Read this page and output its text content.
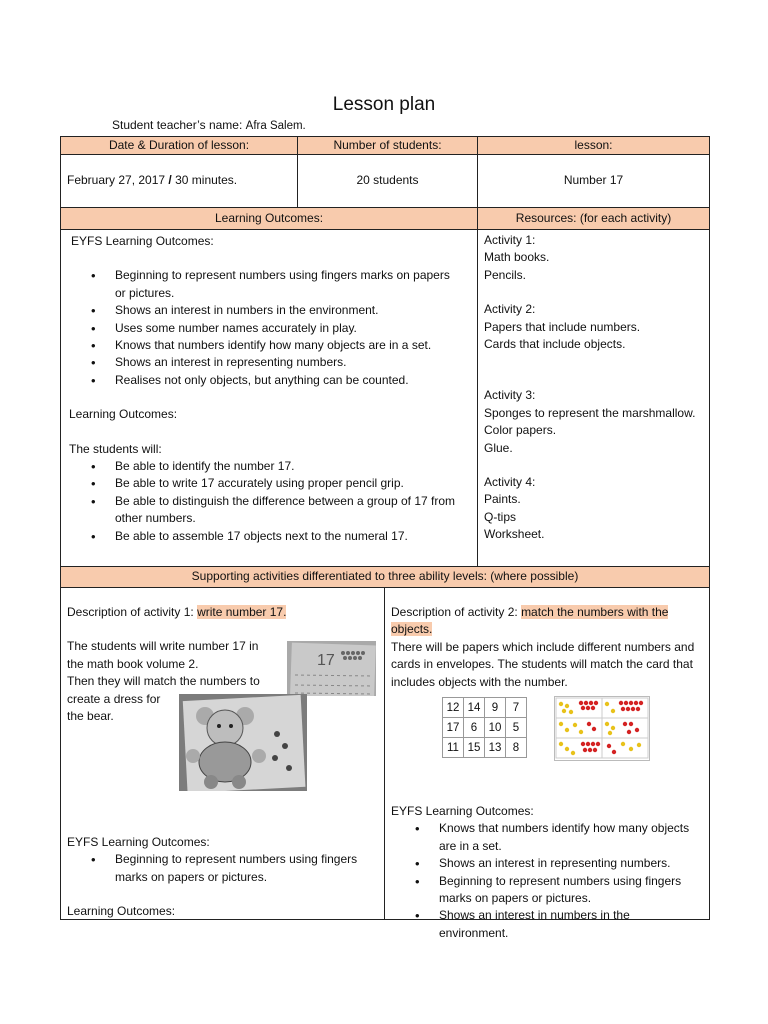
Lesson plan
Student teacher’s name: Afra Salem.
Date & Duration of lesson:	Number of students:	lesson:
February 27, 2017 / 30 minutes.	20 students	Number 17
Learning Outcomes:	Resources: (for each activity)
EYFS Learning Outcomes:
• Beginning to represent numbers using fingers marks on papers or pictures.
• Shows an interest in numbers in the environment.
• Uses some number names accurately in play.
• Knows that numbers identify how many objects are in a set.
• Shows an interest in representing numbers.
• Realises not only objects, but anything can be counted.
Learning Outcomes:
The students will:
• Be able to identify the number 17.
• Be able to write 17 accurately using proper pencil grip.
• Be able to distinguish the difference between a group of 17 from other numbers.
• Be able to assemble 17 objects next to the numeral 17.
Activity 1:
Math books.
Pencils.
Activity 2:
Papers that include numbers.
Cards that include objects.
Activity 3:
Sponges to represent the marshmallow.
Color papers.
Glue.
Activity 4:
Paints.
Q-tips
Worksheet.
Supporting activities differentiated to three ability levels: (where possible)
Description of activity 1: write number 17.
The students will write number 17 in
the math book volume 2.
Then they will match the numbers to
create a dress for
the bear.
EYFS Learning Outcomes:
• Beginning to represent numbers using fingers marks on papers or pictures.
Learning Outcomes:
17
Description of activity 2: match the numbers with the objects.
There will be papers which include different numbers and cards in envelopes. The students will match the card that includes objects with the number.
EYFS Learning Outcomes:
• Knows that numbers identify how many objects are in a set.
• Shows an interest in representing numbers.
• Beginning to represent numbers using fingers marks on papers or pictures.
• Shows an interest in numbers in the environment.
12	14	9	7
17	6	10	5
11	15	13	8
